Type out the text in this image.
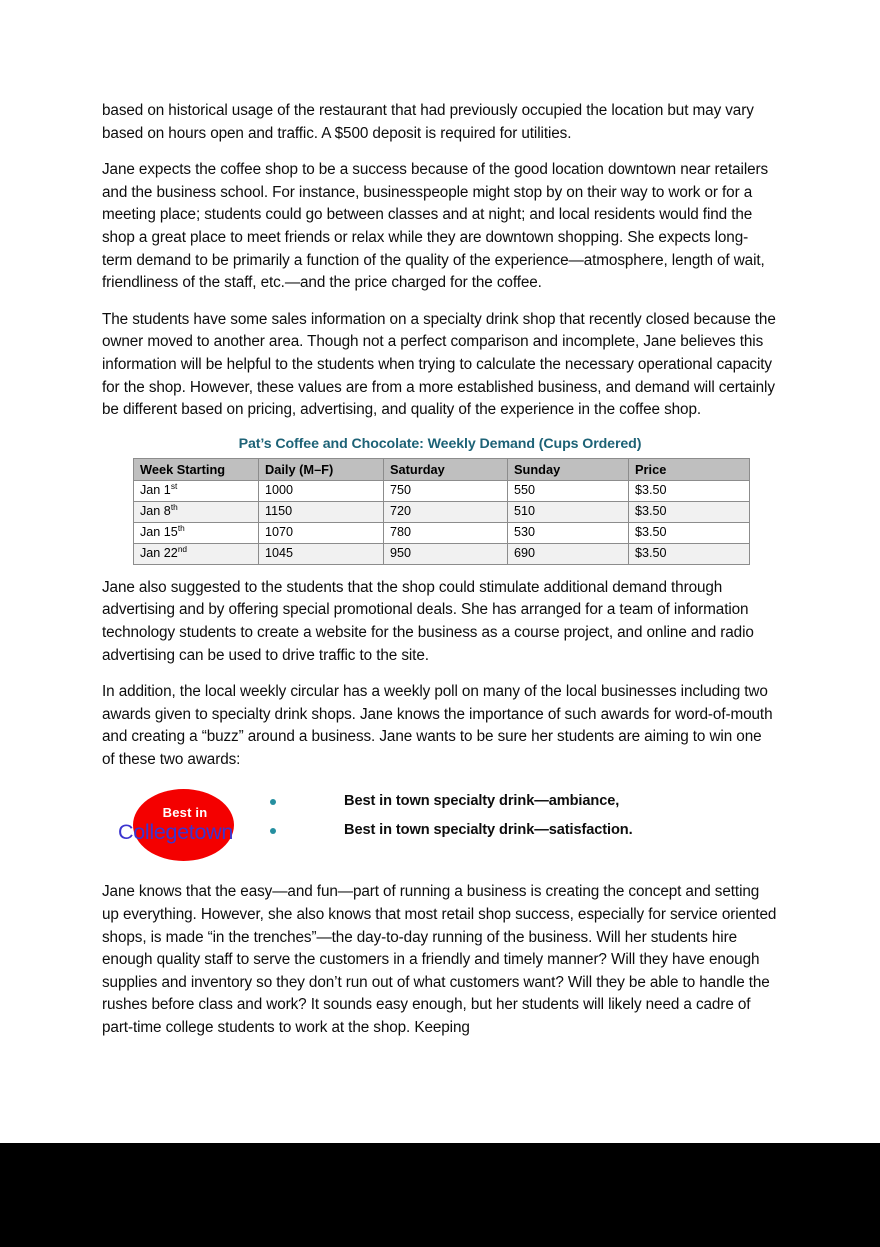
based on historical usage of the restaurant that had previously occupied the location but may vary based on hours open and traffic. A $500 deposit is required for utilities.

Jane expects the coffee shop to be a success because of the good location downtown near retailers and the business school. For instance, businesspeople might stop by on their way to work or for a meeting place; students could go between classes and at night; and local residents would find the shop a great place to meet friends or relax while they are downtown shopping. She expects long-term demand to be primarily a function of the quality of the experience—atmosphere, length of wait, friendliness of the staff, etc.—and the price charged for the coffee.

The students have some sales information on a specialty drink shop that recently closed because the owner moved to another area. Though not a perfect comparison and incomplete, Jane believes this information will be helpful to the students when trying to calculate the necessary operational capacity for the shop. However, these values are from a more established business, and demand will certainly be different based on pricing, advertising, and quality of the experience in the coffee shop.

Pat’s Coffee and Chocolate: Weekly Demand (Cups Ordered)
Week Starting	Daily (M–F)	Saturday	Sunday	Price
Jan 1st	1000	750	550	$3.50
Jan 8th	1150	720	510	$3.50
Jan 15th	1070	780	530	$3.50
Jan 22nd	1045	950	690	$3.50

Jane also suggested to the students that the shop could stimulate additional demand through advertising and by offering special promotional deals. She has arranged for a team of information technology students to create a website for the business as a course project, and online and radio advertising can be used to drive traffic to the site.

In addition, the local weekly circular has a weekly poll on many of the local businesses including two awards given to specialty drink shops. Jane knows the importance of such awards for word-of-mouth and creating a “buzz” around a business. Jane wants to be sure her students are aiming to win one of these two awards:

Best in
Collegetown
Best in town specialty drink—ambiance,
Best in town specialty drink—satisfaction.

Jane knows that the easy—and fun—part of running a business is creating the concept and setting up everything. However, she also knows that most retail shop success, especially for service oriented shops, is made “in the trenches”—the day-to-day running of the business. Will her students hire enough quality staff to serve the customers in a friendly and timely manner? Will they have enough supplies and inventory so they don’t run out of what customers want? Will they be able to handle the rushes before class and work? It sounds easy enough, but her students will likely need a cadre of part-time college students to work at the shop. Keeping
